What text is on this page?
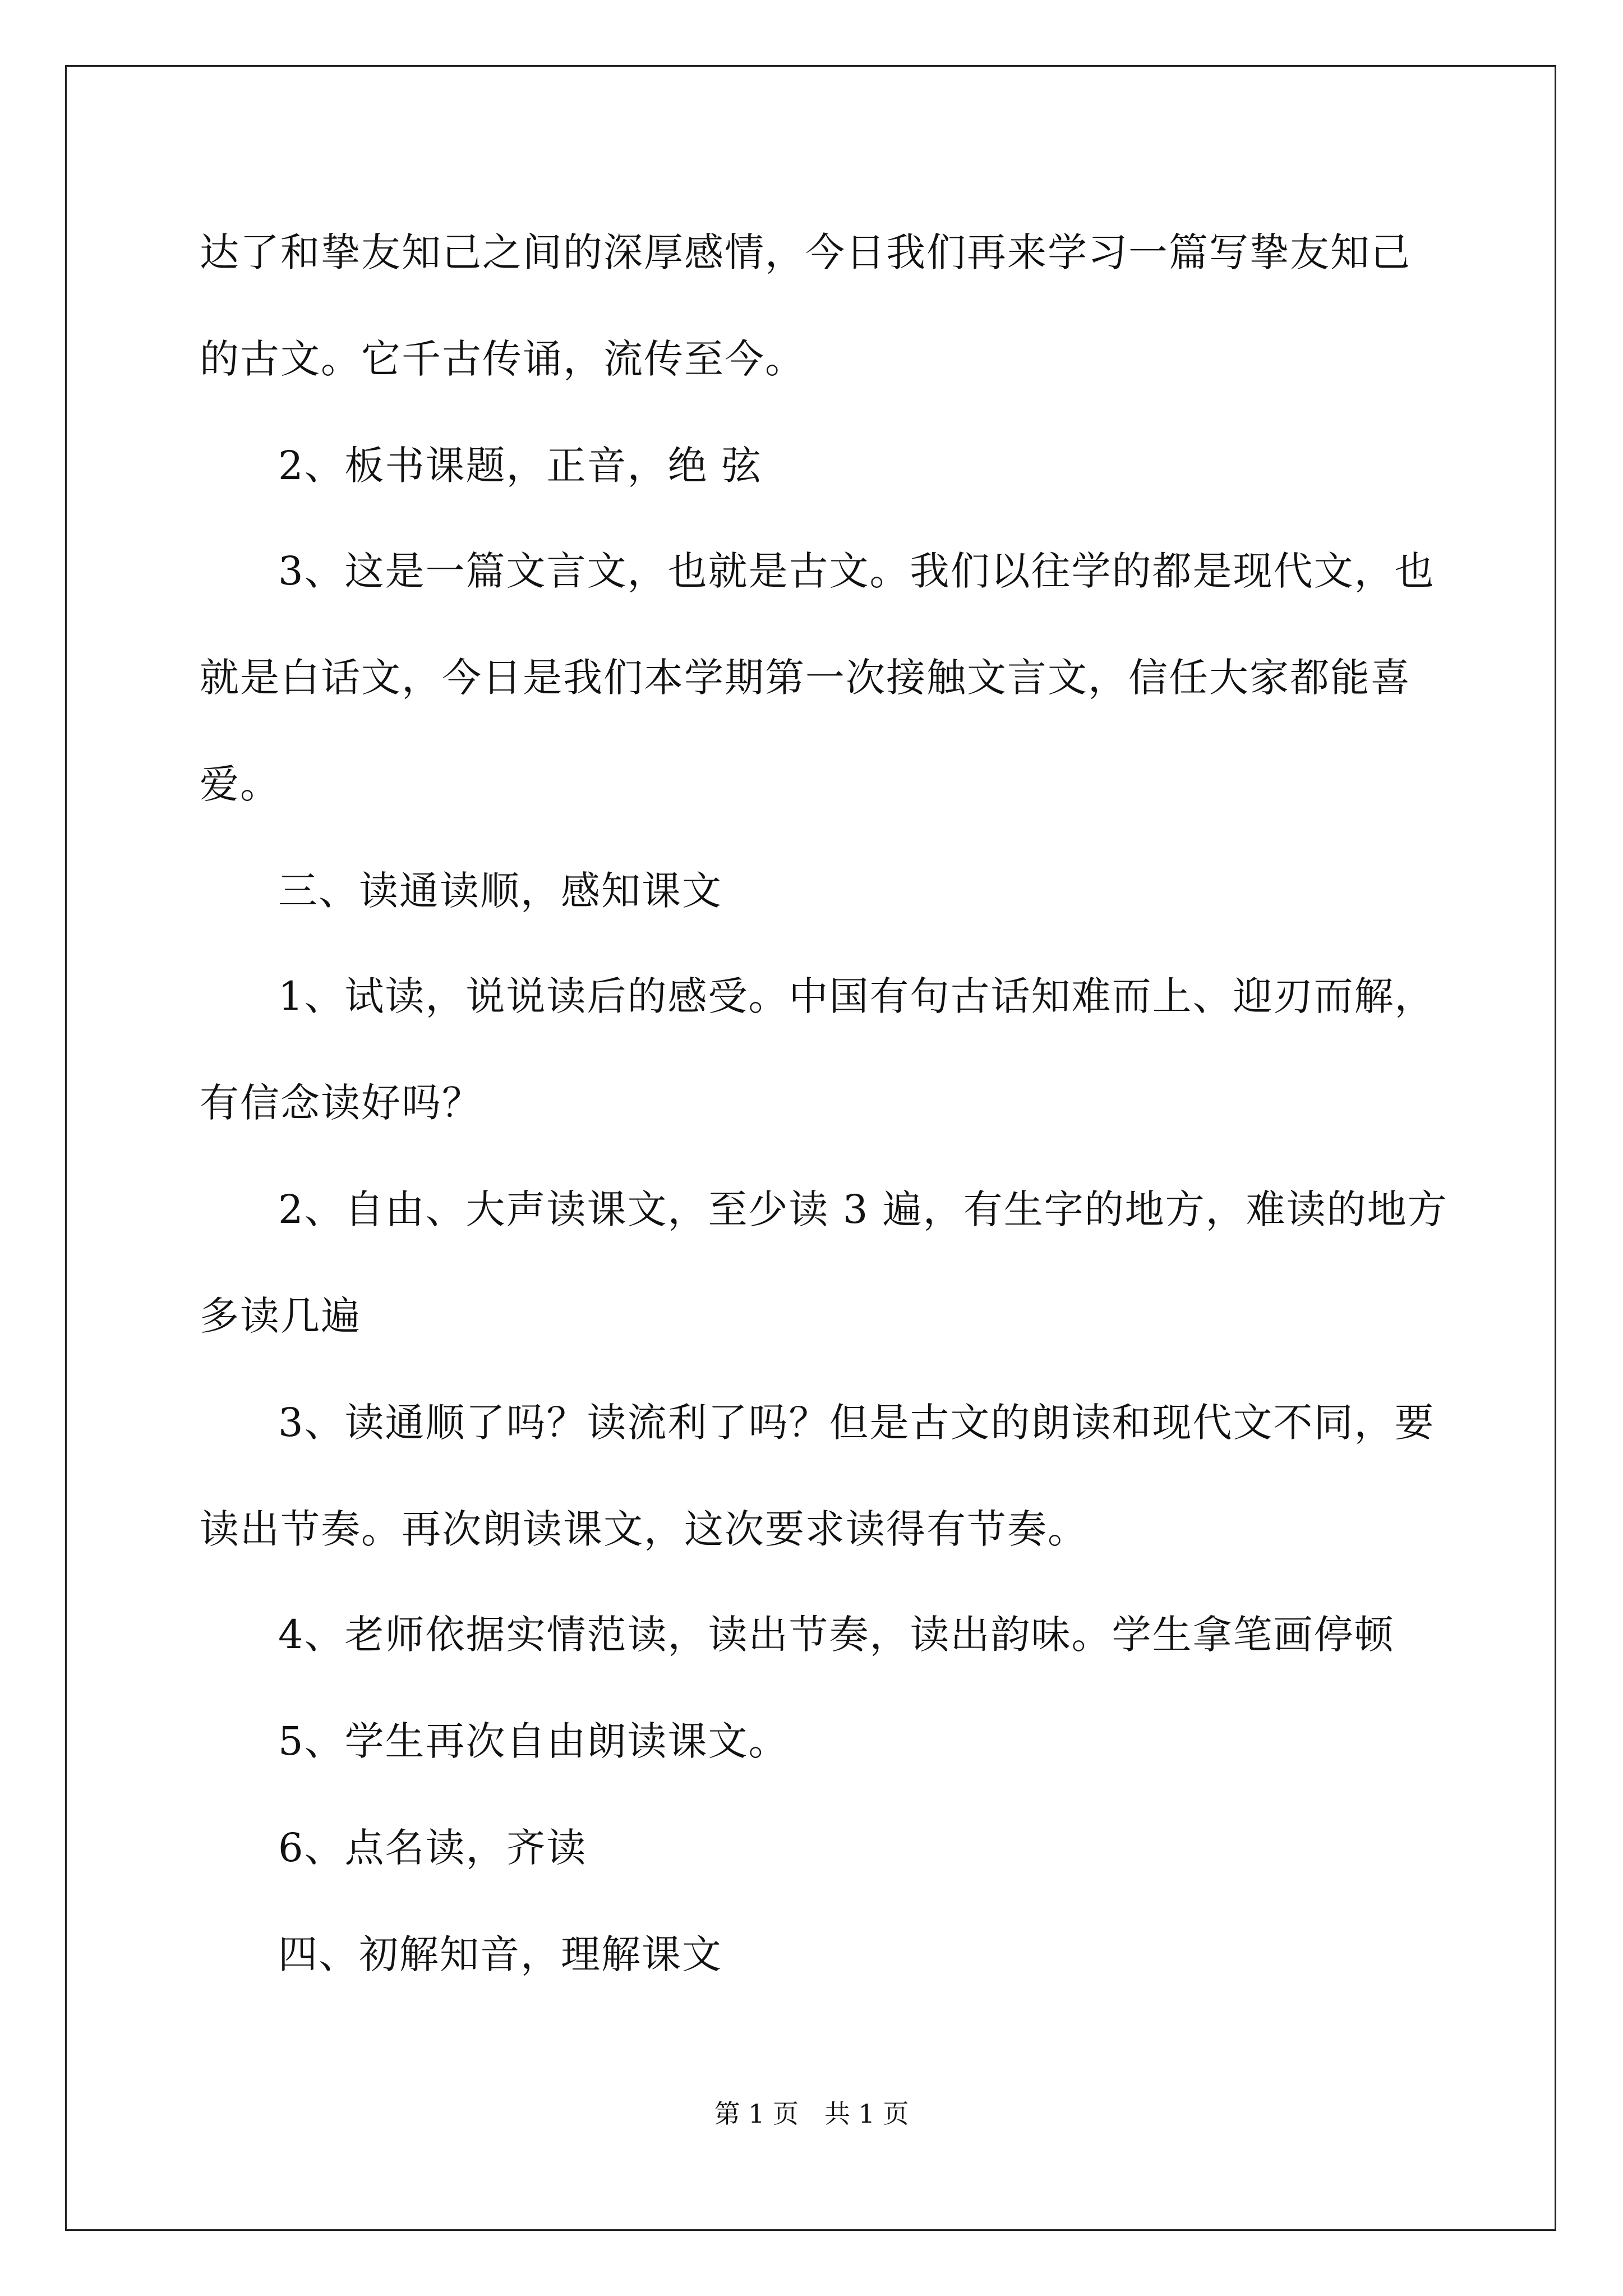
达了和挚友知己之间的深厚感情，今日我们再来学习一篇写挚友知己
的古文。它千古传诵，流传至今。
2、板书课题，正音，绝 弦
3、这是一篇文言文，也就是古文。我们以往学的都是现代文，也
就是白话文，今日是我们本学期第一次接触文言文，信任大家都能喜
爱。
三、读通读顺，感知课文
1、试读，说说读后的感受。中国有句古话知难而上、迎刃而解，
有信念读好吗？
2、自由、大声读课文，至少读 3 遍，有生字的地方，难读的地方
多读几遍
3、读通顺了吗？读流利了吗？但是古文的朗读和现代文不同，要
读出节奏。再次朗读课文，这次要求读得有节奏。
4、老师依据实情范读，读出节奏，读出韵味。学生拿笔画停顿
5、学生再次自由朗读课文。
6、点名读，齐读
四、初解知音，理解课文
第 1 页　共 1 页
